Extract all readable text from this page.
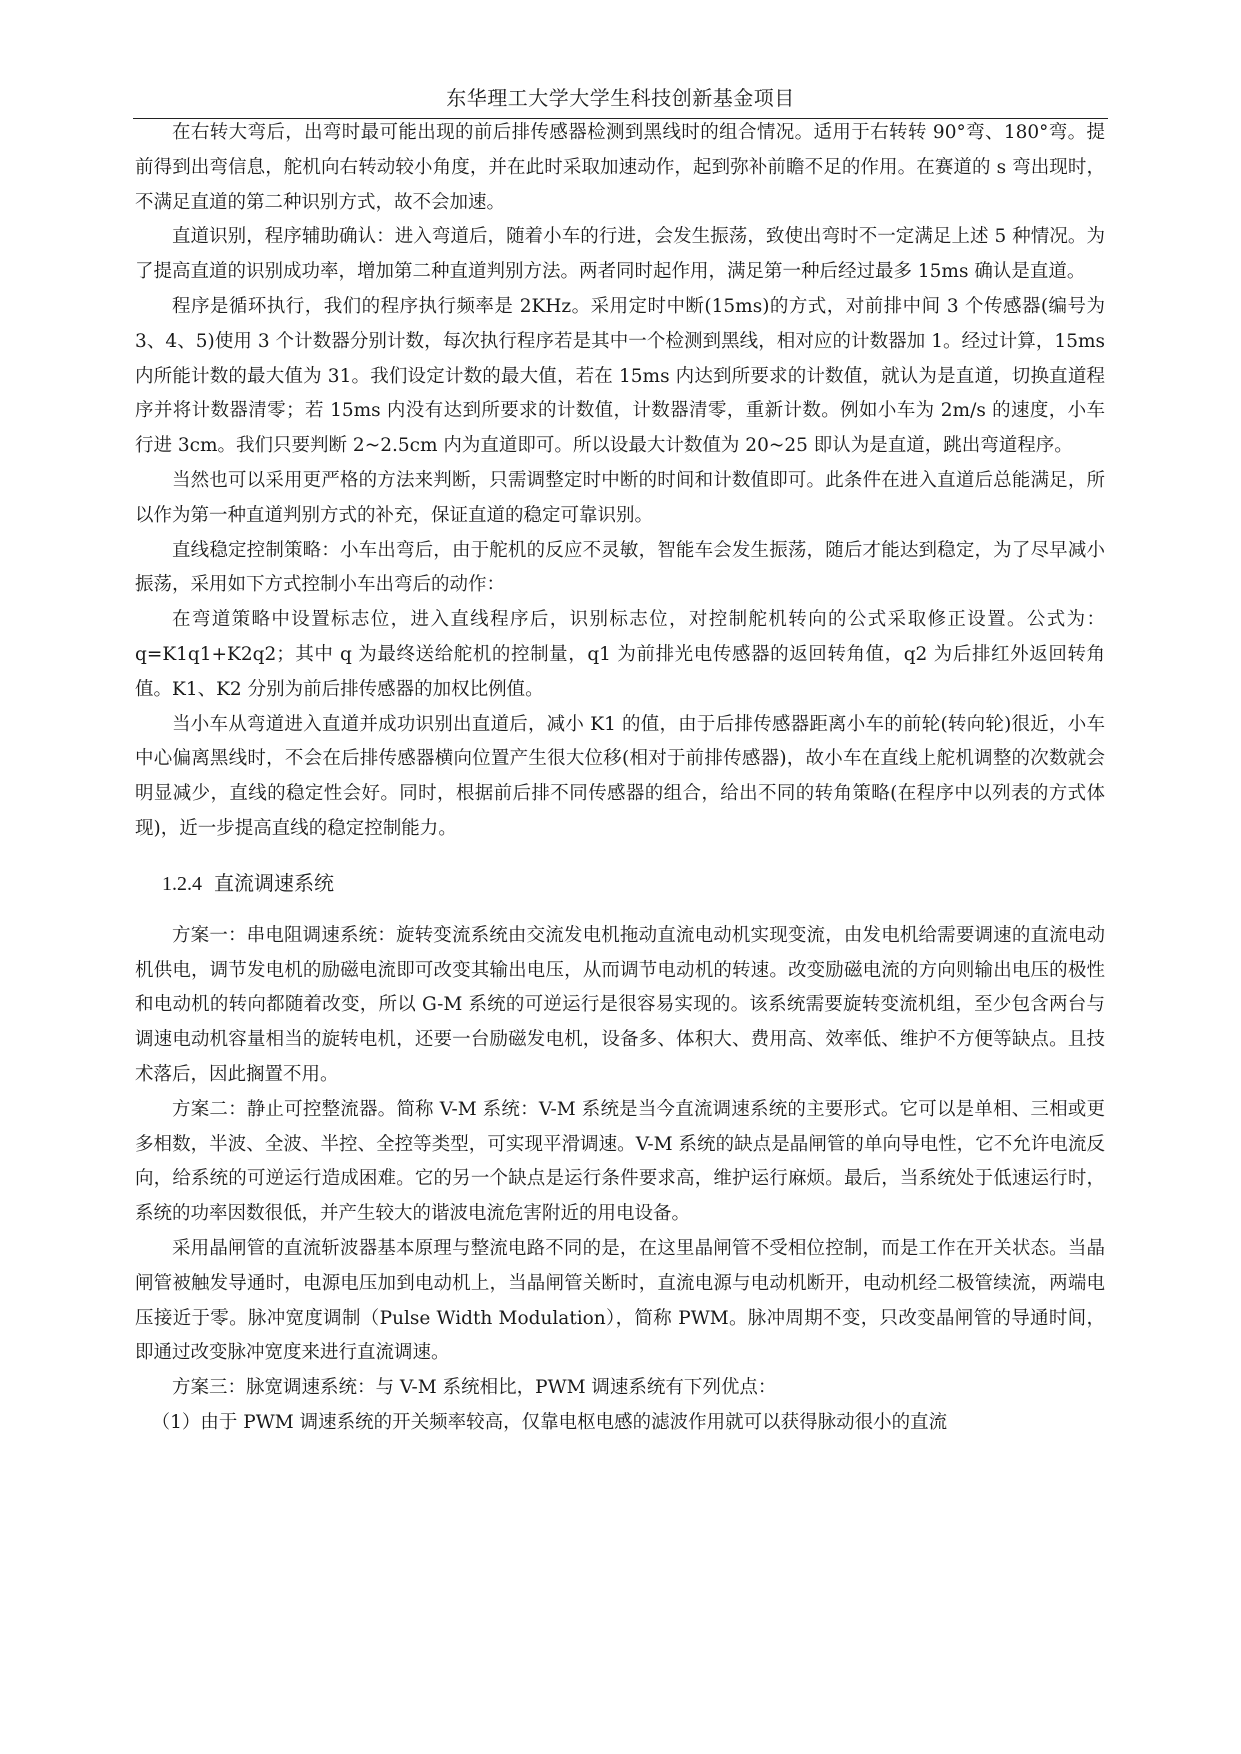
东华理工大学大学生科技创新基金项目

在右转大弯后，出弯时最可能出现的前后排传感器检测到黑线时的组合情况。适用于右转转 90°弯、180°弯。提前得到出弯信息，舵机向右转动较小角度，并在此时采取加速动作，起到弥补前瞻不足的作用。在赛道的 s 弯出现时，不满足直道的第二种识别方式，故不会加速。

直道识别，程序辅助确认：进入弯道后，随着小车的行进，会发生振荡，致使出弯时不一定满足上述 5 种情况。为了提高直道的识别成功率，增加第二种直道判别方法。两者同时起作用，满足第一种后经过最多 15ms 确认是直道。

程序是循环执行，我们的程序执行频率是 2KHz。采用定时中断(15ms)的方式，对前排中间 3 个传感器(编号为 3、4、5)使用 3 个计数器分别计数，每次执行程序若是其中一个检测到黑线，相对应的计数器加 1。经过计算，15ms 内所能计数的最大值为 31。我们设定计数的最大值，若在 15ms 内达到所要求的计数值，就认为是直道，切换直道程序并将计数器清零；若 15ms 内没有达到所要求的计数值，计数器清零，重新计数。例如小车为 2m/s 的速度，小车行进 3cm。我们只要判断 2~2.5cm 内为直道即可。所以设最大计数值为 20~25 即认为是直道，跳出弯道程序。

当然也可以采用更严格的方法来判断，只需调整定时中断的时间和计数值即可。此条件在进入直道后总能满足，所以作为第一种直道判别方式的补充，保证直道的稳定可靠识别。

直线稳定控制策略：小车出弯后，由于舵机的反应不灵敏，智能车会发生振荡，随后才能达到稳定，为了尽早减小振荡，采用如下方式控制小车出弯后的动作：

在弯道策略中设置标志位，进入直线程序后，识别标志位，对控制舵机转向的公式采取修正设置。公式为：q=K1q1+K2q2；其中 q 为最终送给舵机的控制量，q1 为前排光电传感器的返回转角值，q2 为后排红外返回转角值。K1、K2 分别为前后排传感器的加权比例值。

当小车从弯道进入直道并成功识别出直道后，减小 K1 的值，由于后排传感器距离小车的前轮(转向轮)很近，小车中心偏离黑线时，不会在后排传感器横向位置产生很大位移(相对于前排传感器)，故小车在直线上舵机调整的次数就会明显减少，直线的稳定性会好。同时，根据前后排不同传感器的组合，给出不同的转角策略(在程序中以列表的方式体现)，近一步提高直线的稳定控制能力。

1.2.4 直流调速系统

方案一：串电阻调速系统：旋转变流系统由交流发电机拖动直流电动机实现变流，由发电机给需要调速的直流电动机供电，调节发电机的励磁电流即可改变其输出电压，从而调节电动机的转速。改变励磁电流的方向则输出电压的极性和电动机的转向都随着改变，所以 G-M 系统的可逆运行是很容易实现的。该系统需要旋转变流机组，至少包含两台与调速电动机容量相当的旋转电机，还要一台励磁发电机，设备多、体积大、费用高、效率低、维护不方便等缺点。且技术落后，因此搁置不用。

方案二：静止可控整流器。简称 V-M 系统：V-M 系统是当今直流调速系统的主要形式。它可以是单相、三相或更多相数，半波、全波、半控、全控等类型，可实现平滑调速。V-M 系统的缺点是晶闸管的单向导电性，它不允许电流反向，给系统的可逆运行造成困难。它的另一个缺点是运行条件要求高，维护运行麻烦。最后，当系统处于低速运行时，系统的功率因数很低，并产生较大的谐波电流危害附近的用电设备。

采用晶闸管的直流斩波器基本原理与整流电路不同的是，在这里晶闸管不受相位控制，而是工作在开关状态。当晶闸管被触发导通时，电源电压加到电动机上，当晶闸管关断时，直流电源与电动机断开，电动机经二极管续流，两端电压接近于零。脉冲宽度调制（Pulse Width Modulation），简称 PWM。脉冲周期不变，只改变晶闸管的导通时间，即通过改变脉冲宽度来进行直流调速。

方案三：脉宽调速系统：与 V-M 系统相比，PWM 调速系统有下列优点：

（1）由于 PWM 调速系统的开关频率较高，仅靠电枢电感的滤波作用就可以获得脉动很小的直流
